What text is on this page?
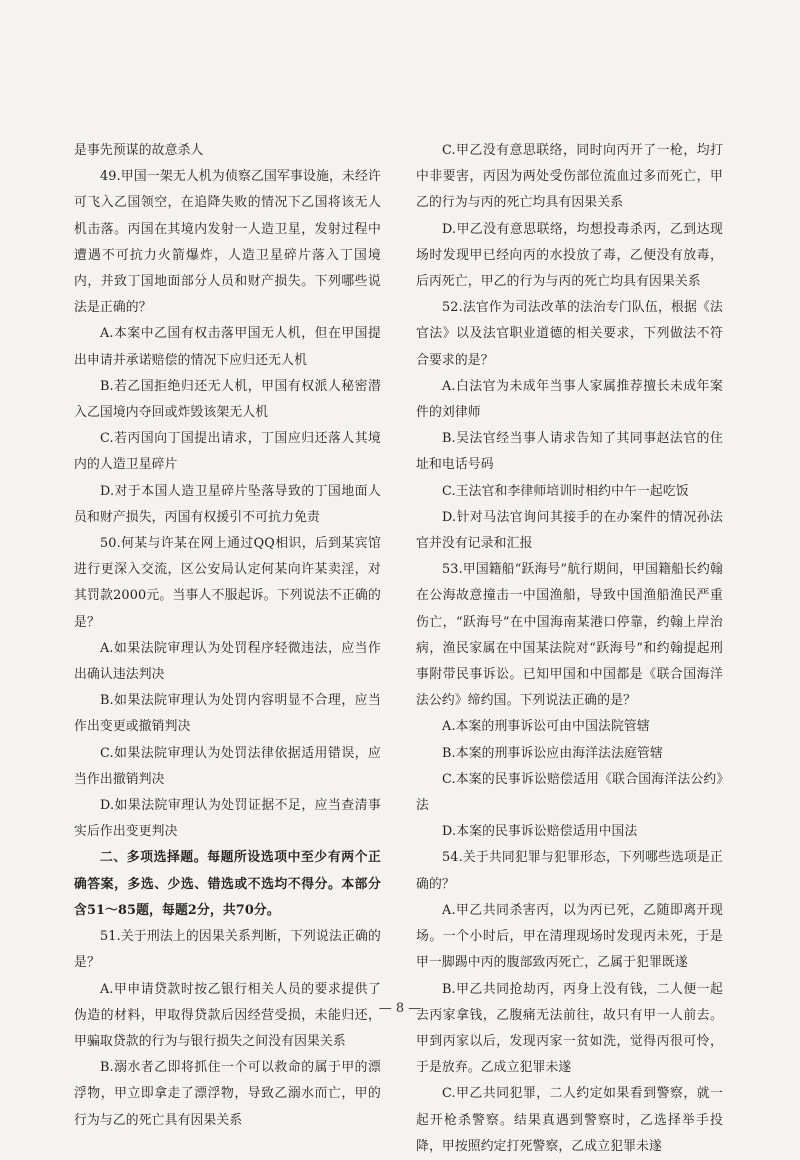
是事先预谋的故意杀人

49.甲国一架无人机为侦察乙国军事设施，未经许可飞入乙国领空，在追降失败的情况下乙国将该无人机击落。丙国在其境内发射一人造卫星，发射过程中遭遇不可抗力火箭爆炸，人造卫星碎片落入丁国境内，并致丁国地面部分人员和财产损失。下列哪些说法是正确的？

A.本案中乙国有权击落甲国无人机，但在甲国提出申请并承诺赔偿的情况下应归还无人机

B.若乙国拒绝归还无人机，甲国有权派人秘密潜入乙国境内夺回或炸毁该架无人机

C.若丙国向丁国提出请求，丁国应归还落人其境内的人造卫星碎片

D.对于本国人造卫星碎片坠落导致的丁国地面人员和财产损失，丙国有权援引不可抗力免责

50.何某与许某在网上通过QQ相识，后到某宾馆进行更深入交流，区公安局认定何某向许某卖淫，对其罚款2000元。当事人不服起诉。下列说法不正确的是？

A.如果法院审理认为处罚程序轻微违法，应当作出确认违法判决

B.如果法院审理认为处罚内容明显不合理，应当作出变更或撤销判决

C.如果法院审理认为处罚法律依据适用错误，应当作出撤销判决

D.如果法院审理认为处罚证据不足，应当查清事实后作出变更判决

二、多项选择题。每题所设选项中至少有两个正确答案，多选、少选、错选或不选均不得分。本部分含51～85题，每题2分，共70分。

51.关于刑法上的因果关系判断，下列说法正确的是？

A.甲申请贷款时按乙银行相关人员的要求提供了伪造的材料，甲取得贷款后因经营受损，未能归还，甲骗取贷款的行为与银行损失之间没有因果关系

B.溺水者乙即将抓住一个可以救命的属于甲的漂浮物，甲立即拿走了漂浮物，导致乙溺水而亡，甲的行为与乙的死亡具有因果关系

C.甲乙没有意思联络，同时向丙开了一枪，均打中非要害，丙因为两处受伤部位流血过多而死亡，甲乙的行为与丙的死亡均具有因果关系

D.甲乙没有意思联络，均想投毒杀丙，乙到达现场时发现甲已经向丙的水投放了毒，乙便没有放毒，后丙死亡，甲乙的行为与丙的死亡均具有因果关系

52.法官作为司法改革的法治专门队伍，根据《法官法》以及法官职业道德的相关要求，下列做法不符合要求的是？

A.白法官为未成年当事人家属推荐擅长未成年案件的刘律师

B.吴法官经当事人请求告知了其同事赵法官的住址和电话号码

C.王法官和李律师培训时相约中午一起吃饭

D.针对马法官询问其接手的在办案件的情况孙法官并没有记录和汇报

53.甲国籍船“跃海号”航行期间，甲国籍船长约翰在公海故意撞击一中国渔船，导致中国渔船渔民严重伤亡，“跃海号”在中国海南某港口停靠，约翰上岸治病，渔民家属在中国某法院对“跃海号”和约翰提起刑事附带民事诉讼。已知甲国和中国都是《联合国海洋法公约》缔约国。下列说法正确的是？

A.本案的刑事诉讼可由中国法院管辖

B.本案的刑事诉讼应由海洋法法庭管辖

C.本案的民事诉讼赔偿适用《联合国海洋法公约》法

D.本案的民事诉讼赔偿适用中国法

54.关于共同犯罪与犯罪形态，下列哪些选项是正确的？

A.甲乙共同杀害丙，以为丙已死，乙随即离开现场。一个小时后，甲在清理现场时发现丙未死，于是甲一脚踢中丙的腹部致丙死亡，乙属于犯罪既遂

B.甲乙共同抢劫丙，丙身上没有钱，二人便一起去丙家拿钱，乙腹痛无法前往，故只有甲一人前去。甲到丙家以后，发现丙家一贫如洗，觉得丙很可怜，于是放弃。乙成立犯罪未遂

C.甲乙共同犯罪，二人约定如果看到警察，就一起开枪杀警察。结果真遇到警察时，乙选择举手投降，甲按照约定打死警察，乙成立犯罪未遂

— 8 —
